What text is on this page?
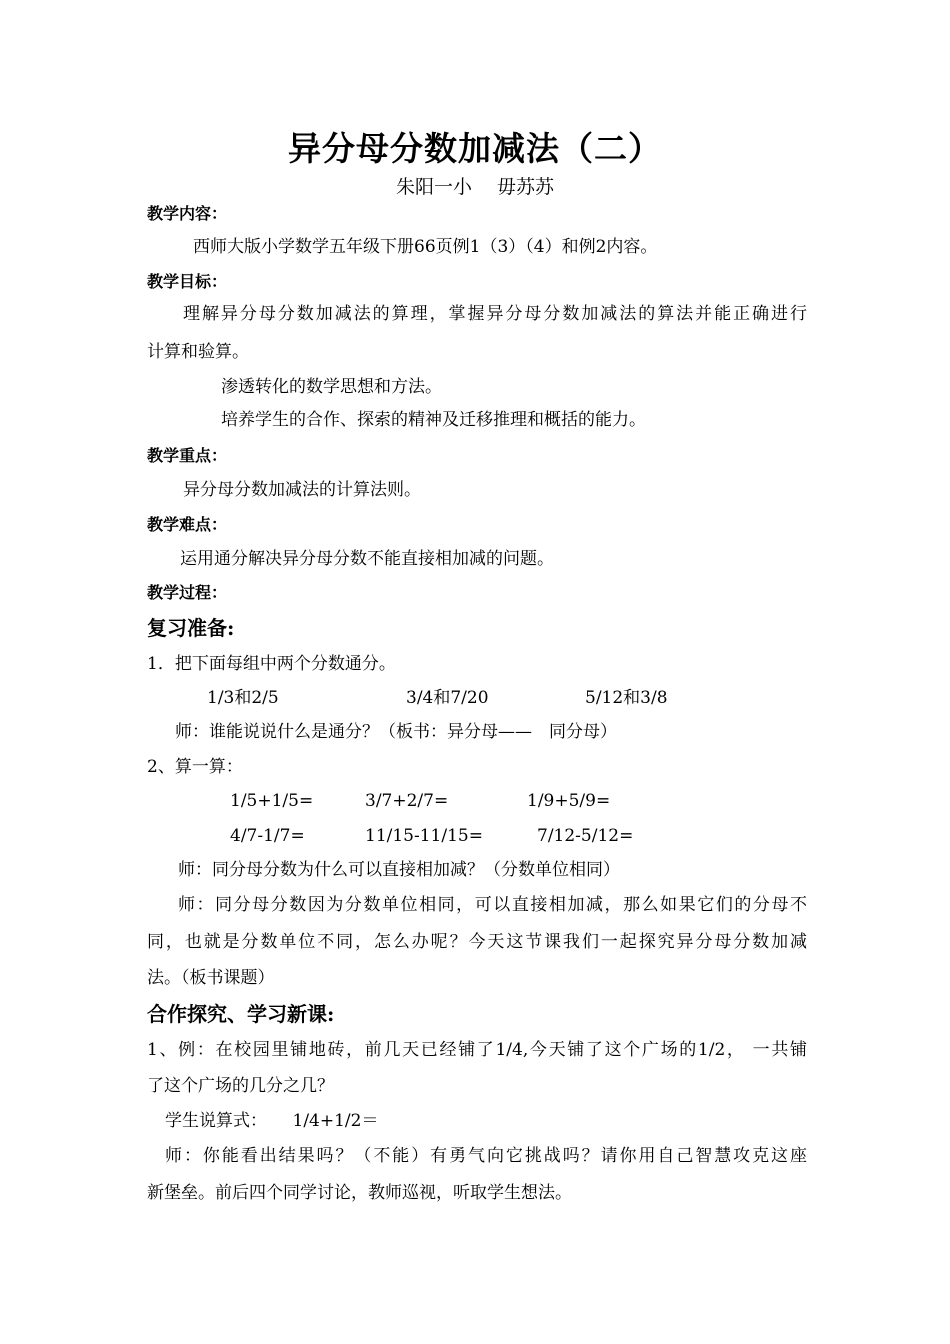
异分母分数加减法（二）
朱阳一小　 毋苏苏
教学内容：
西师大版小学数学五年级下册66页例1（3）（4）和例2内容。
教学目标：
理解异分母分数加减法的算理，掌握异分母分数加减法的算法并能正确进行
计算和验算。
渗透转化的数学思想和方法。
培养学生的合作、探索的精神及迁移推理和概括的能力。
教学重点：
异分母分数加减法的计算法则。
教学难点：
运用通分解决异分母分数不能直接相加减的问题。
教学过程：
复习准备:
1．把下面每组中两个分数通分。
1/3和2/5	3/4和7/20	5/12和3/8
师：谁能说说什么是通分？（板书：异分母——　同分母）
2、算一算：
1/5+1/5=	3/7+2/7=	1/9+5/9=
4/7-1/7=	11/15-11/15=	7/12-5/12=
师：同分母分数为什么可以直接相加减？（分数单位相同）
师：同分母分数因为分数单位相同，可以直接相加减，那么如果它们的分母不
同，也就是分数单位不同，怎么办呢？今天这节课我们一起探究异分母分数加减
法。（板书课题）
合作探究、学习新课:
1、例：在校园里铺地砖，前几天已经铺了1/4,今天铺了这个广场的1/2， 一共铺
了这个广场的几分之几？
学生说算式：　　1/4+1/2＝
师：你能看出结果吗？（不能）有勇气向它挑战吗？请你用自己智慧攻克这座
新堡垒。前后四个同学讨论，教师巡视，听取学生想法。
